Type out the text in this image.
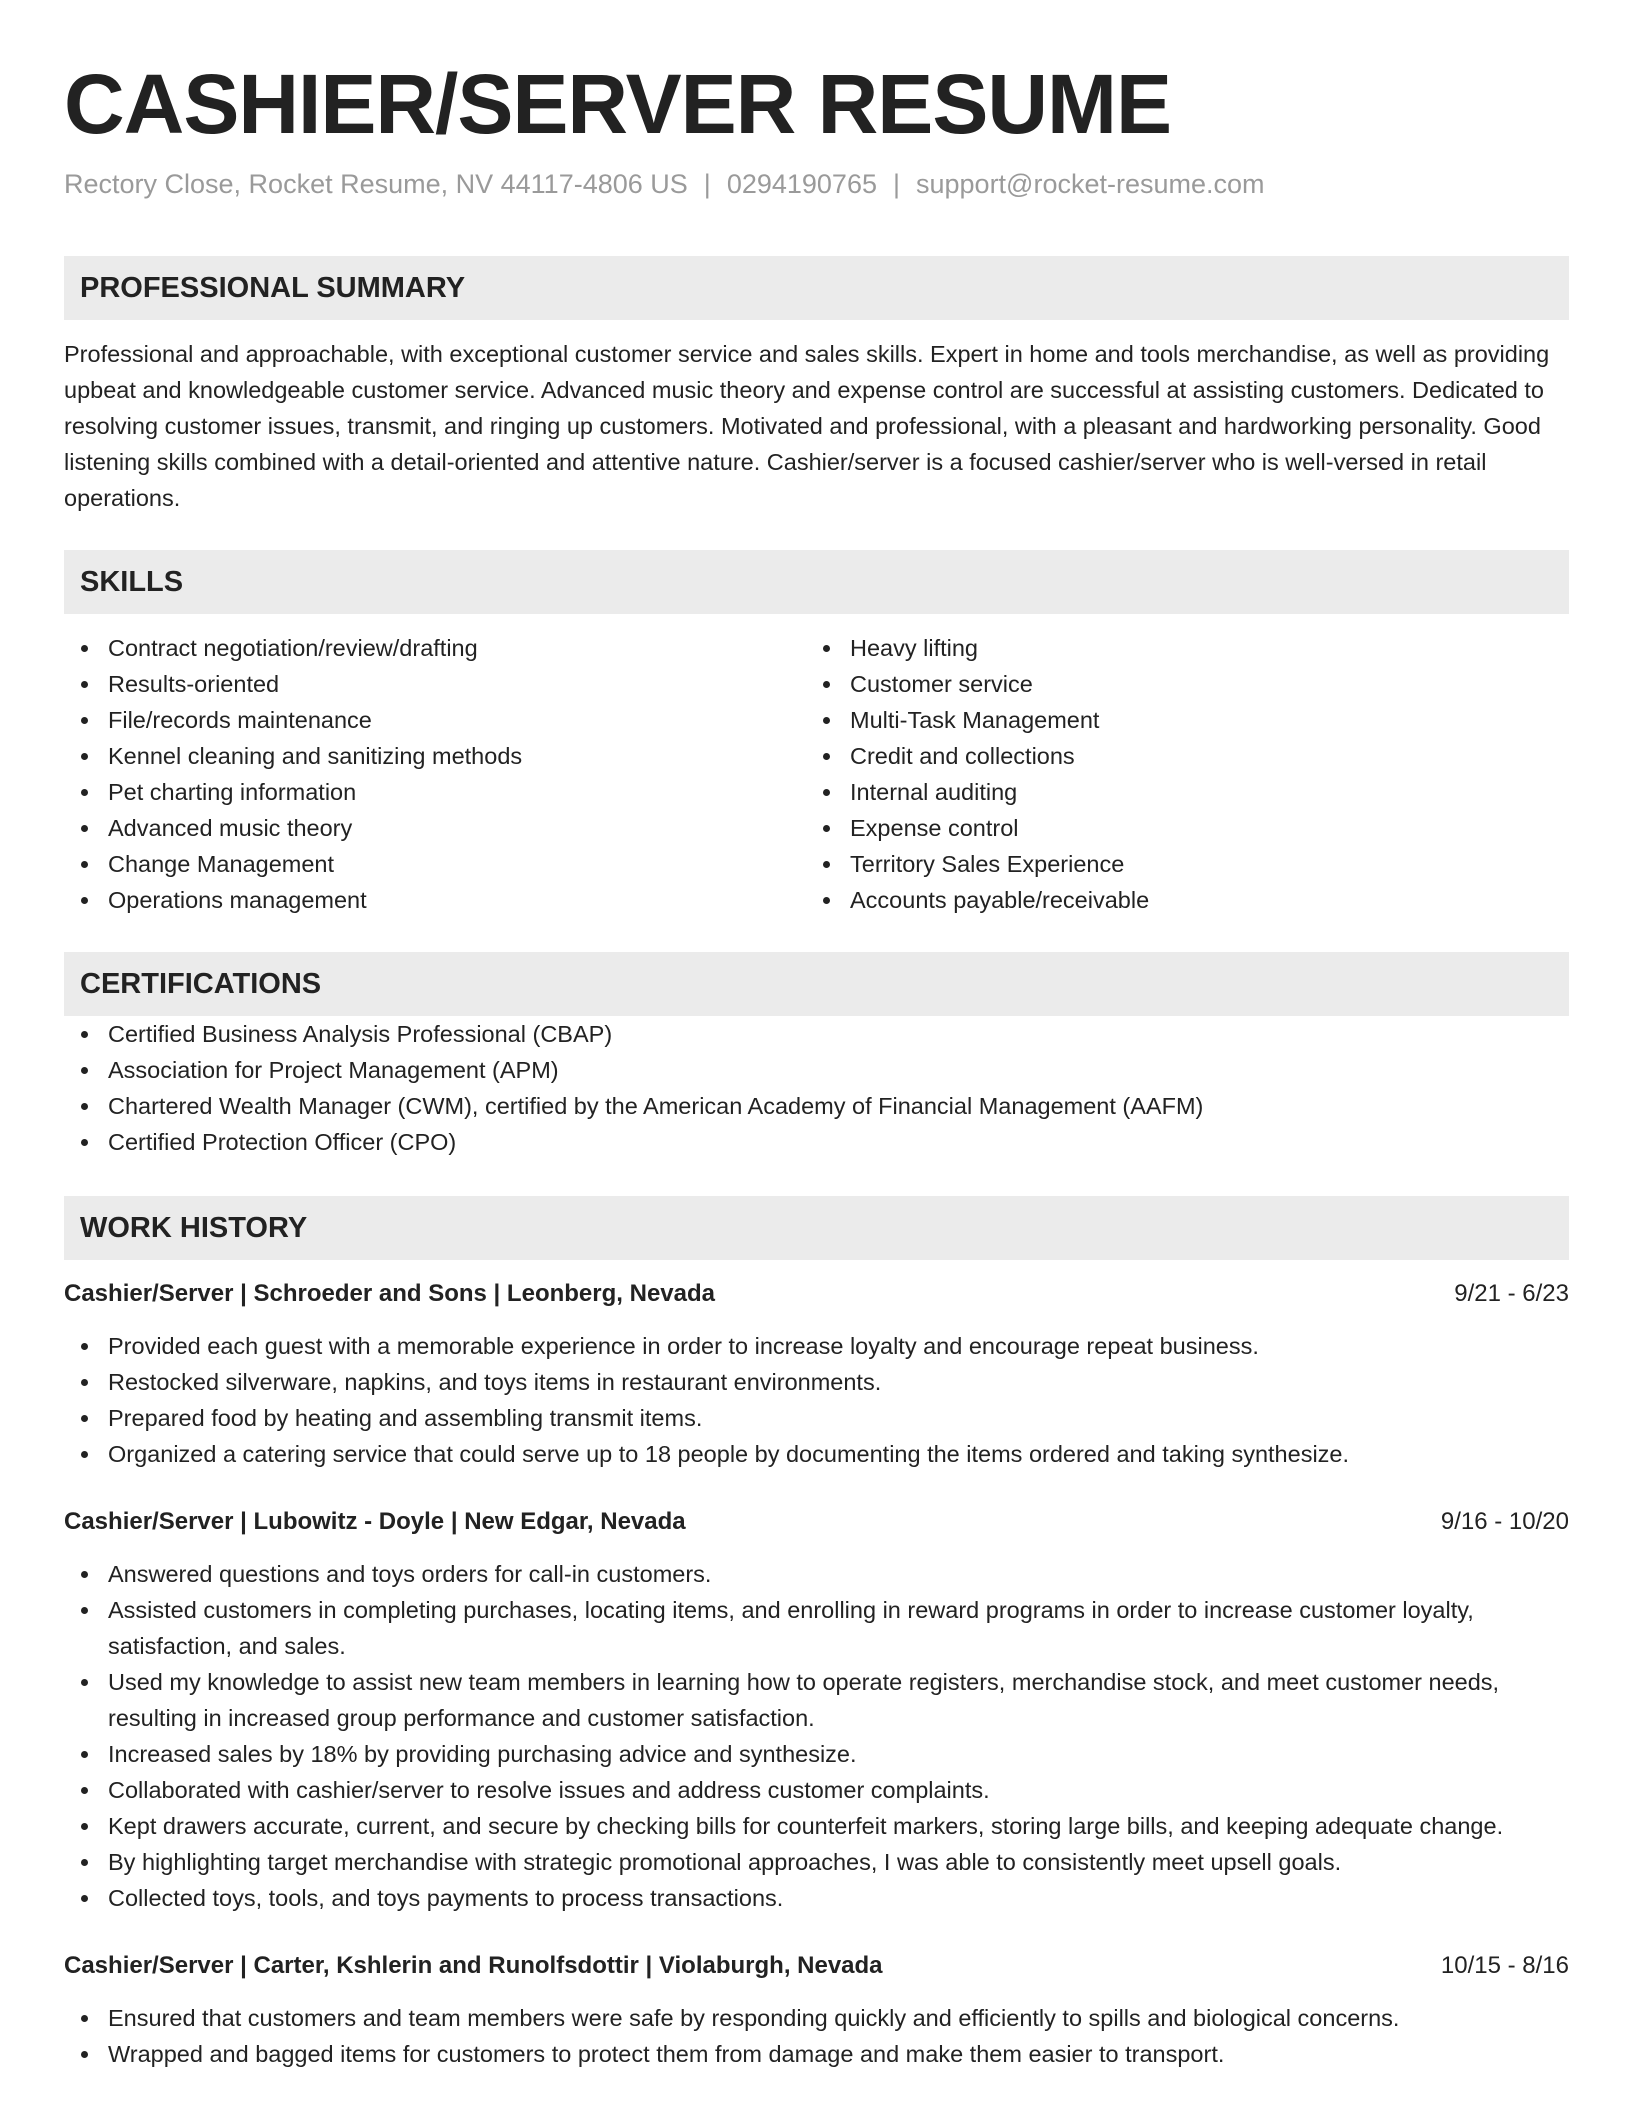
CASHIER/SERVER RESUME
Rectory Close, Rocket Resume, NV 44117-4806 US | 0294190765 | support@rocket-resume.com
PROFESSIONAL SUMMARY

Professional and approachable, with exceptional customer service and sales skills. Expert in home and tools merchandise, as well as providing upbeat and knowledgeable customer service. Advanced music theory and expense control are successful at assisting customers. Dedicated to resolving customer issues, transmit, and ringing up customers. Motivated and professional, with a pleasant and hardworking personality. Good listening skills combined with a detail-oriented and attentive nature. Cashier/server is a focused cashier/server who is well-versed in retail operations.

SKILLS
Contract negotiation/review/drafting
Results-oriented
File/records maintenance
Kennel cleaning and sanitizing methods
Pet charting information
Advanced music theory
Change Management
Operations management
Heavy lifting
Customer service
Multi-Task Management
Credit and collections
Internal auditing
Expense control
Territory Sales Experience
Accounts payable/receivable
CERTIFICATIONS
Certified Business Analysis Professional (CBAP)
Association for Project Management (APM)
Chartered Wealth Manager (CWM), certified by the American Academy of Financial Management (AAFM)
Certified Protection Officer (CPO)
WORK HISTORY
Cashier/Server | Schroeder and Sons | Leonberg, Nevada	9/21 - 6/23
Provided each guest with a memorable experience in order to increase loyalty and encourage repeat business.
Restocked silverware, napkins, and toys items in restaurant environments.
Prepared food by heating and assembling transmit items.
Organized a catering service that could serve up to 18 people by documenting the items ordered and taking synthesize.
Cashier/Server | Lubowitz - Doyle | New Edgar, Nevada	9/16 - 10/20
Answered questions and toys orders for call-in customers.
Assisted customers in completing purchases, locating items, and enrolling in reward programs in order to increase customer loyalty, satisfaction, and sales.
Used my knowledge to assist new team members in learning how to operate registers, merchandise stock, and meet customer needs, resulting in increased group performance and customer satisfaction.
Increased sales by 18% by providing purchasing advice and synthesize.
Collaborated with cashier/server to resolve issues and address customer complaints.
Kept drawers accurate, current, and secure by checking bills for counterfeit markers, storing large bills, and keeping adequate change.
By highlighting target merchandise with strategic promotional approaches, I was able to consistently meet upsell goals.
Collected toys, tools, and toys payments to process transactions.
Cashier/Server | Carter, Kshlerin and Runolfsdottir | Violaburgh, Nevada	10/15 - 8/16
Ensured that customers and team members were safe by responding quickly and efficiently to spills and biological concerns.
Wrapped and bagged items for customers to protect them from damage and make them easier to transport.
